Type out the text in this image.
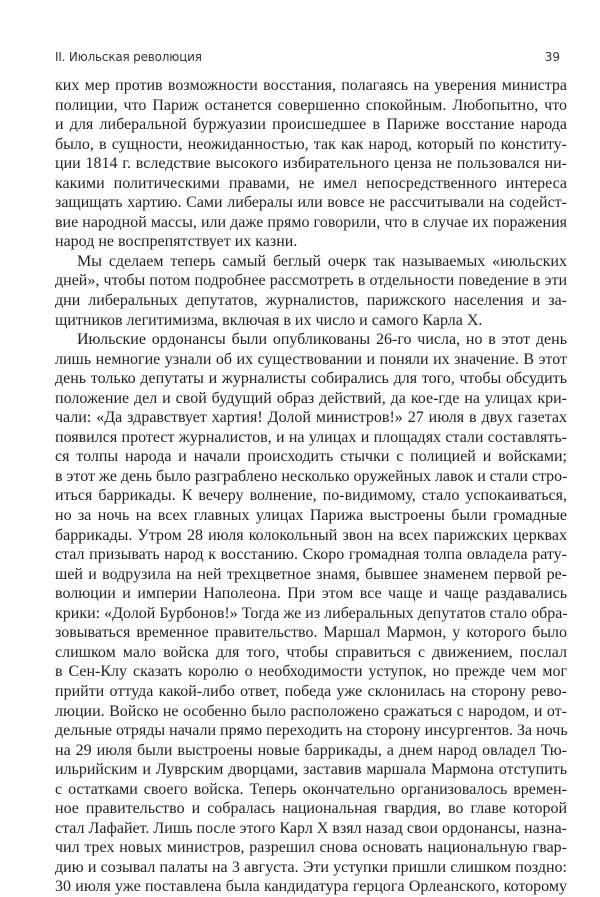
II. Июльская революция	39
ких мер против возможности восстания, полагаясь на уверения министра
полиции, что Париж останется совершенно спокойным. Любопытно, что
и для либеральной буржуазии происшедшее в Париже восстание народа
было, в сущности, неожиданностью, так как народ, который по конститу-
ции 1814 г. вследствие высокого избирательного ценза не пользовался ни-
какими политическими правами, не имел непосредственного интереса
защищать хартию. Сами либералы или вовсе не рассчитывали на содейст-
вие народной массы, или даже прямо говорили, что в случае их поражения
народ не воспрепятствует их казни.
Мы сделаем теперь самый беглый очерк так называемых «июльских
дней», чтобы потом подробнее рассмотреть в отдельности поведение в эти
дни либеральных депутатов, журналистов, парижского населения и за-
щитников легитимизма, включая в их число и самого Карла X.
Июльские ордонансы были опубликованы 26-го числа, но в этот день
лишь немногие узнали об их существовании и поняли их значение. В этот
день только депутаты и журналисты собирались для того, чтобы обсудить
положение дел и свой будущий образ действий, да кое-где на улицах кри-
чали: «Да здравствует хартия! Долой министров!» 27 июля в двух газетах
появился протест журналистов, и на улицах и площадях стали составлять-
ся толпы народа и начали происходить стычки с полицией и войсками;
в этот же день было разграблено несколько оружейных лавок и стали стро-
иться баррикады. К вечеру волнение, по-видимому, стало успокаиваться,
но за ночь на всех главных улицах Парижа выстроены были громадные
баррикады. Утром 28 июля колокольный звон на всех парижских церквах
стал призывать народ к восстанию. Скоро громадная толпа овладела рату-
шей и водрузила на ней трехцветное знамя, бывшее знаменем первой ре-
волюции и империи Наполеона. При этом все чаще и чаще раздавались
крики: «Долой Бурбонов!» Тогда же из либеральных депутатов стало обра-
зовываться временное правительство. Маршал Мармон, у которого было
слишком мало войска для того, чтобы справиться с движением, послал
в Сен-Клу сказать королю о необходимости уступок, но прежде чем мог
прийти оттуда какой-либо ответ, победа уже склонилась на сторону рево-
люции. Войско не особенно было расположено сражаться с народом, и от-
дельные отряды начали прямо переходить на сторону инсургентов. За ночь
на 29 июля были выстроены новые баррикады, а днем народ овладел Тю-
ильрийским и Луврским дворцами, заставив маршала Мармона отступить
с остатками своего войска. Теперь окончательно организовалось времен-
ное правительство и собралась национальная гвардия, во главе которой
стал Лафайет. Лишь после этого Карл X взял назад свои ордонансы, назна-
чил трех новых министров, разрешил снова основать национальную гвар-
дию и созывал палаты на 3 августа. Эти уступки пришли слишком поздно:
30 июля уже поставлена была кандидатура герцога Орлеанского, которому
